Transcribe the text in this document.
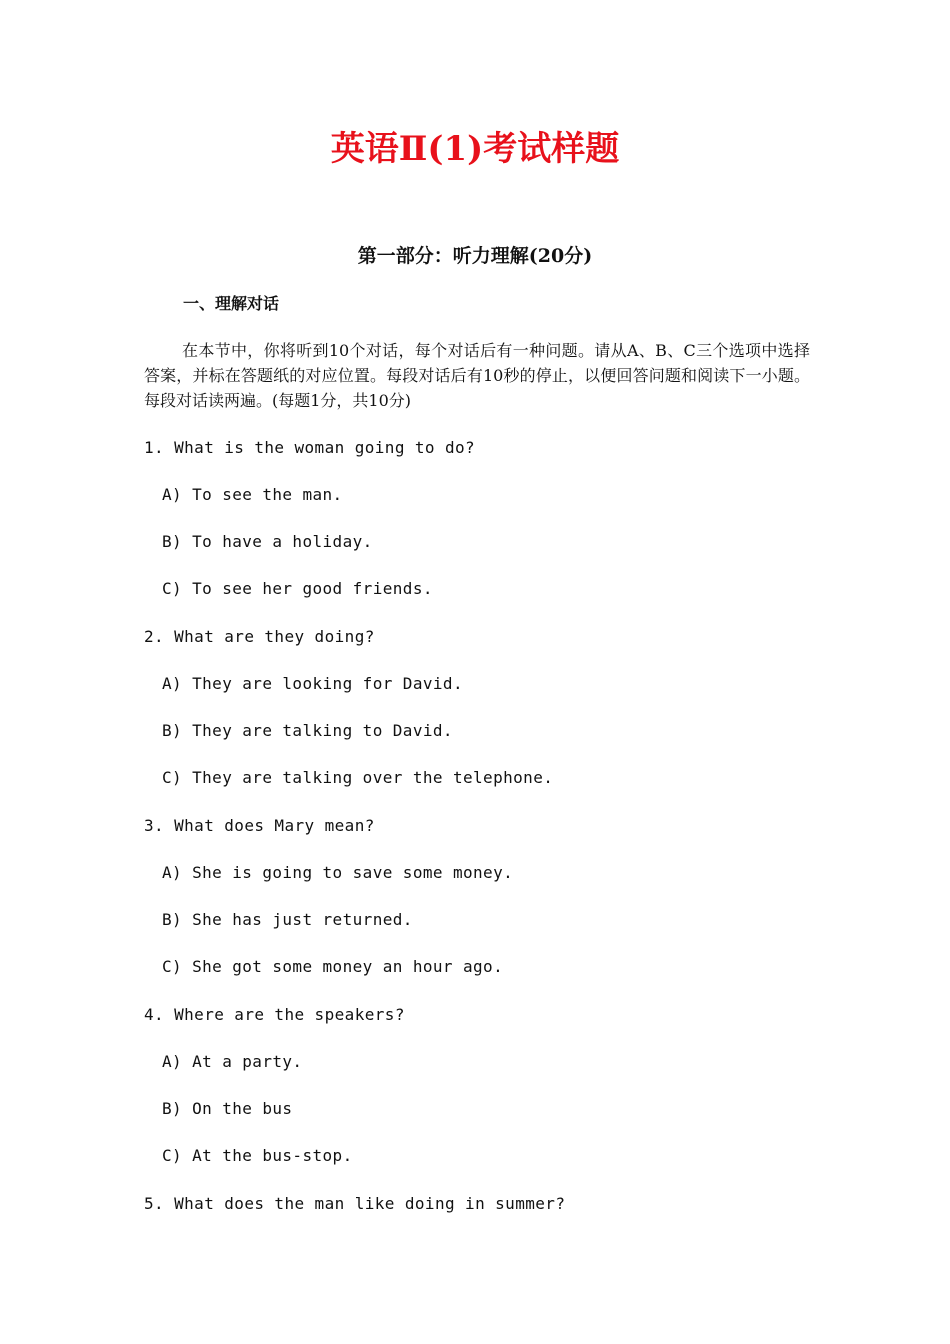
英语Ⅱ(1)考试样题
第一部分：听力理解(20分)
一、理解对话

在本节中，你将听到10个对话，每个对话后有一种问题。请从A、B、C三个选项中选择答案，并标在答题纸的对应位置。每段对话后有10秒的停止，以便回答问题和阅读下一小题。每段对话读两遍。(每题1分，共10分)

1. What is the woman going to do?
A) To see the man.
B) To have a holiday.
C) To see her good friends.
2. What are they doing?
A) They are looking for David.
B) They are talking to David.
C) They are talking over the telephone.
3. What does Mary mean?
A) She is going to save some money.
B) She has just returned.
C) She got some money an hour ago.
4. Where are the speakers?
A) At a party.
B) On the bus
C) At the bus-stop.
5. What does the man like doing in summer?
